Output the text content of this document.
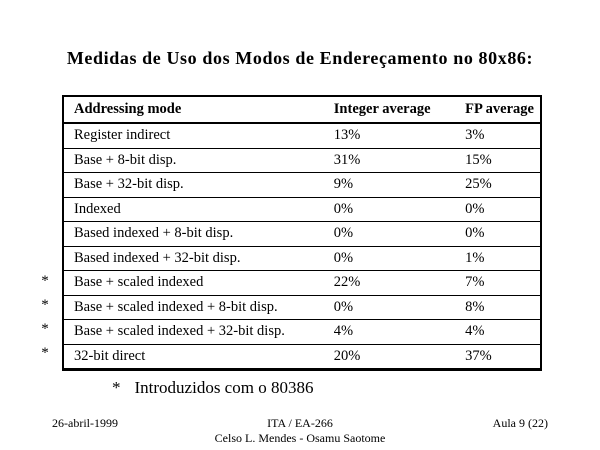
Medidas de Uso dos Modos de Endereçamento no 80x86:
Addressing mode	Integer average	FP average
Register indirect	13%	3%
Base + 8-bit disp.	31%	15%
Base + 32-bit disp.	9%	25%
Indexed	0%	0%
Based indexed + 8-bit disp.	0%	0%
Based indexed + 32-bit disp.	0%	1%
Base + scaled indexed	22%	7%
Base + scaled indexed + 8-bit disp.	0%	8%
Base + scaled indexed + 32-bit disp.	4%	4%
32-bit direct	20%	37%
*
*
*
*
* Introduzidos com o 80386
26-abril-1999	ITA / EA-266
Celso L. Mendes - Osamu Saotome
Aula 9 (22)
